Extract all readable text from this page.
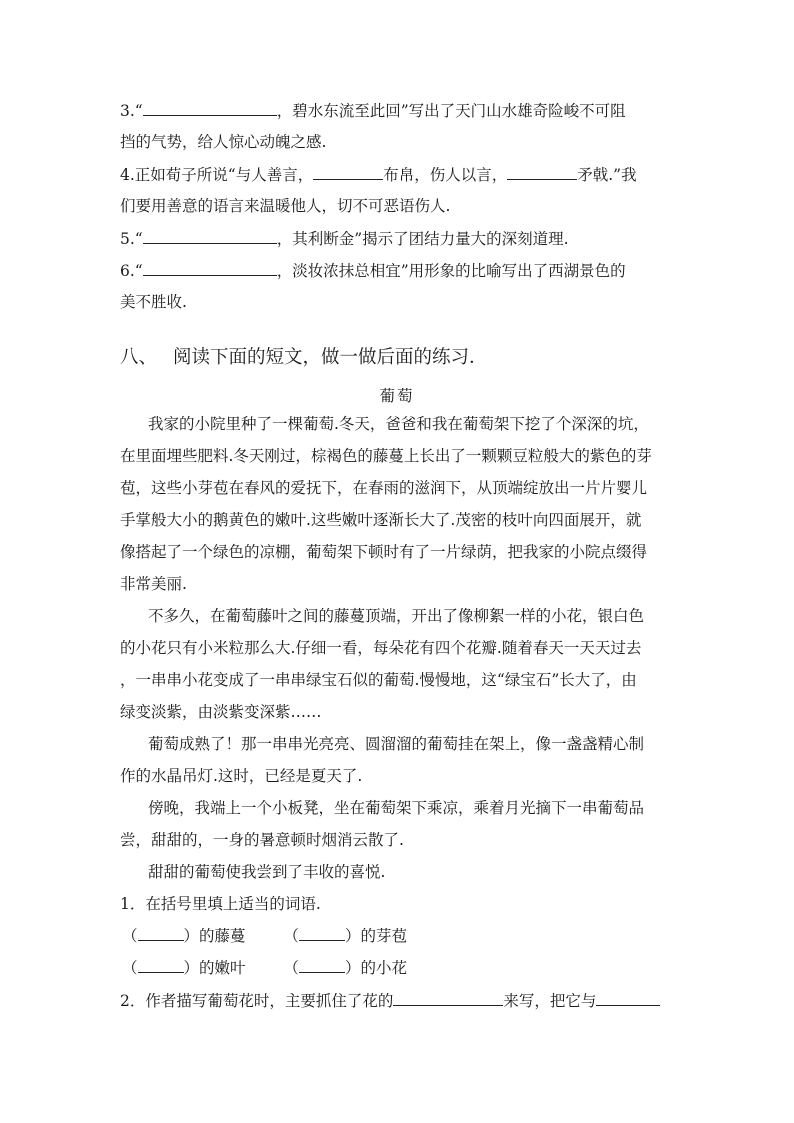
3.“	，碧水东流至此回”写出了天门山水雄奇险峻不可阻
挡的气势，给人惊心动魄之感.
4.正如荀子所说“与人善言，	布帛，伤人以言，	矛戟.”我
们要用善意的语言来温暖他人，切不可恶语伤人.
5.“	，其利断金”揭示了团结力量大的深刻道理.
6.“	，淡妆浓抹总相宜”用形象的比喻写出了西湖景色的
美不胜收.
八、 阅读下面的短文，做一做后面的练习．
葡萄
我家的小院里种了一棵葡萄.冬天，爸爸和我在葡萄架下挖了个深深的坑，
在里面埋些肥料.冬天刚过，棕褐色的藤蔓上长出了一颗颗豆粒般大的紫色的芽
苞，这些小芽苞在春风的爱抚下，在春雨的滋润下，从顶端绽放出一片片婴儿
手掌般大小的鹅黄色的嫩叶.这些嫩叶逐渐长大了.茂密的枝叶向四面展开，就
像搭起了一个绿色的凉棚，葡萄架下顿时有了一片绿荫，把我家的小院点缀得
非常美丽.
不多久，在葡萄藤叶之间的藤蔓顶端，开出了像柳絮一样的小花，银白色
的小花只有小米粒那么大.仔细一看，每朵花有四个花瓣.随着春天一天天过去
，一串串小花变成了一串串绿宝石似的葡萄.慢慢地，这“绿宝石”长大了，由
绿变淡紫，由淡紫变深紫……
葡萄成熟了！那一串串光亮亮、圆溜溜的葡萄挂在架上，像一盏盏精心制
作的水晶吊灯.这时，已经是夏天了.
傍晚，我端上一个小板凳，坐在葡萄架下乘凉，乘着月光摘下一串葡萄品
尝，甜甜的，一身的暑意顿时烟消云散了.
甜甜的葡萄使我尝到了丰收的喜悦.
1．在括号里填上适当的词语.
（	）的藤蔓 （	）的芽苞
（	）的嫩叶 （	）的小花
2．作者描写葡萄花时，主要抓住了花的	来写，把它与
